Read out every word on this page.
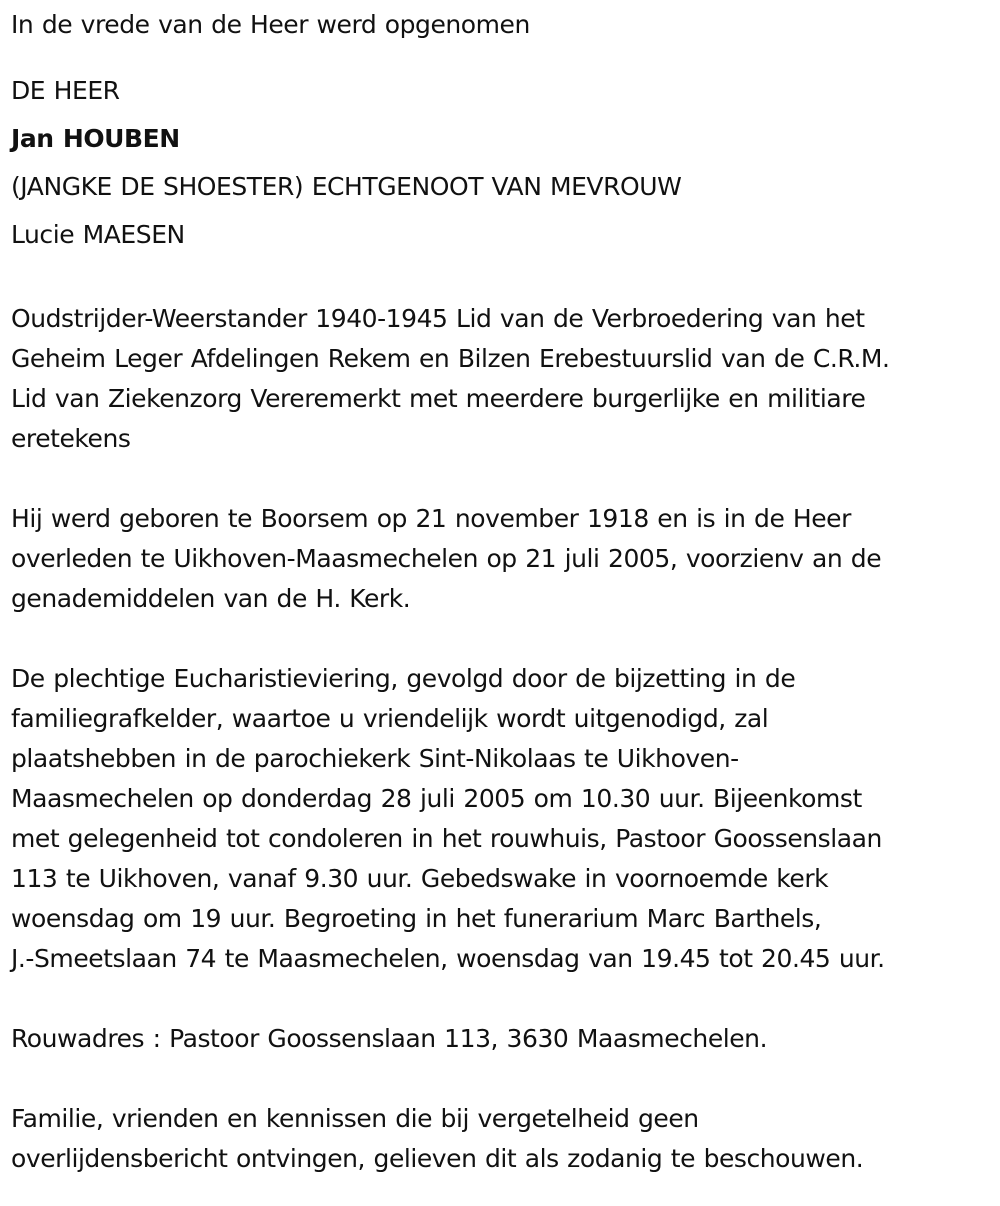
In de vrede van de Heer werd opgenomen
DE HEER
Jan HOUBEN
(JANGKE DE SHOESTER) ECHTGENOOT VAN MEVROUW
Lucie MAESEN
Oudstrijder-Weerstander 1940-1945 Lid van de Verbroedering van het
Geheim Leger Afdelingen Rekem en Bilzen Erebestuurslid van de C.R.M.
Lid van Ziekenzorg Vereremerkt met meerdere burgerlijke en militiare
eretekens
Hij werd geboren te Boorsem op 21 november 1918 en is in de Heer
overleden te Uikhoven-Maasmechelen op 21 juli 2005, voorzienv an de
genademiddelen van de H. Kerk.
De plechtige Eucharistieviering, gevolgd door de bijzetting in de
familiegrafkelder, waartoe u vriendelijk wordt uitgenodigd, zal
plaatshebben in de parochiekerk Sint-Nikolaas te Uikhoven-
Maasmechelen op donderdag 28 juli 2005 om 10.30 uur. Bijeenkomst
met gelegenheid tot condoleren in het rouwhuis, Pastoor Goossenslaan
113 te Uikhoven, vanaf 9.30 uur. Gebedswake in voornoemde kerk
woensdag om 19 uur. Begroeting in het funerarium Marc Barthels,
J.-Smeetslaan 74 te Maasmechelen, woensdag van 19.45 tot 20.45 uur.
Rouwadres : Pastoor Goossenslaan 113, 3630 Maasmechelen.
Familie, vrienden en kennissen die bij vergetelheid geen
overlijdensbericht ontvingen, gelieven dit als zodanig te beschouwen.
